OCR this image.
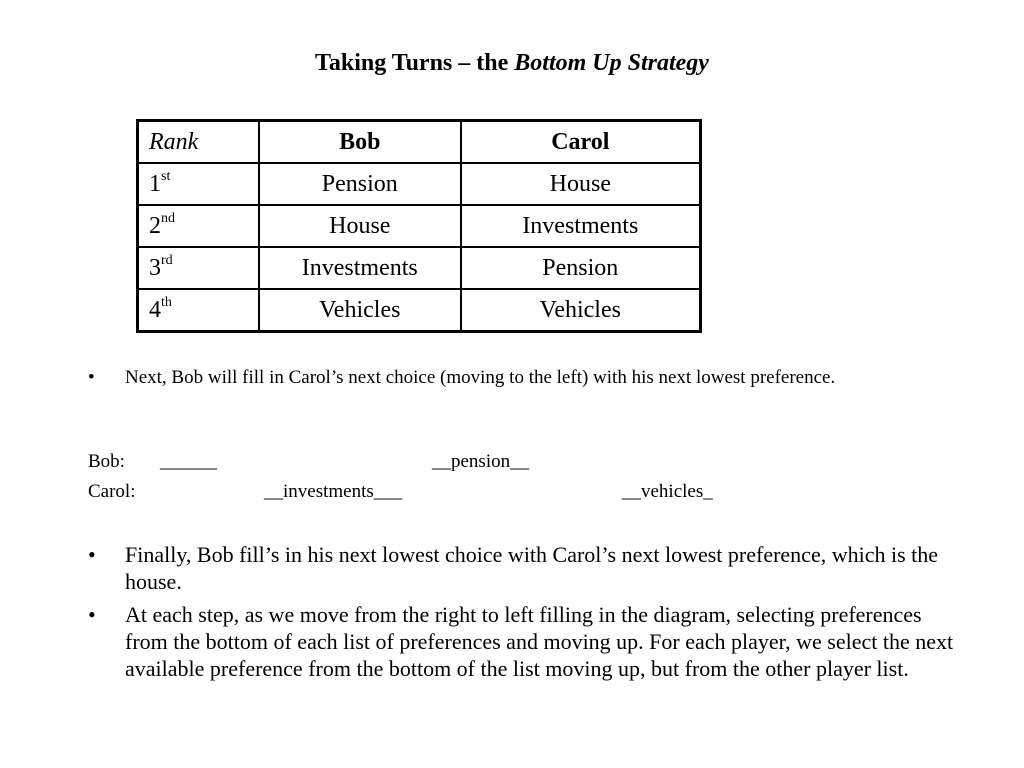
Taking Turns – the Bottom Up Strategy
Rank	Bob	Carol
1st	Pension	House
2nd	House	Investments
3rd	Investments	Pension
4th	Vehicles	Vehicles
•	Next, Bob will fill in Carol’s next choice (moving to the left) with his next lowest preference.
Bob: ______	__pension__
Carol:	__investments___	__vehicles_
•	Finally, Bob fill’s in his next lowest choice with Carol’s next lowest preference, which is the house.
•	At each step, as we move from the right to left filling in the diagram, selecting preferences from the bottom of each list of preferences and moving up. For each player, we select the next available preference from the bottom of the list moving up, but from the other player list.
